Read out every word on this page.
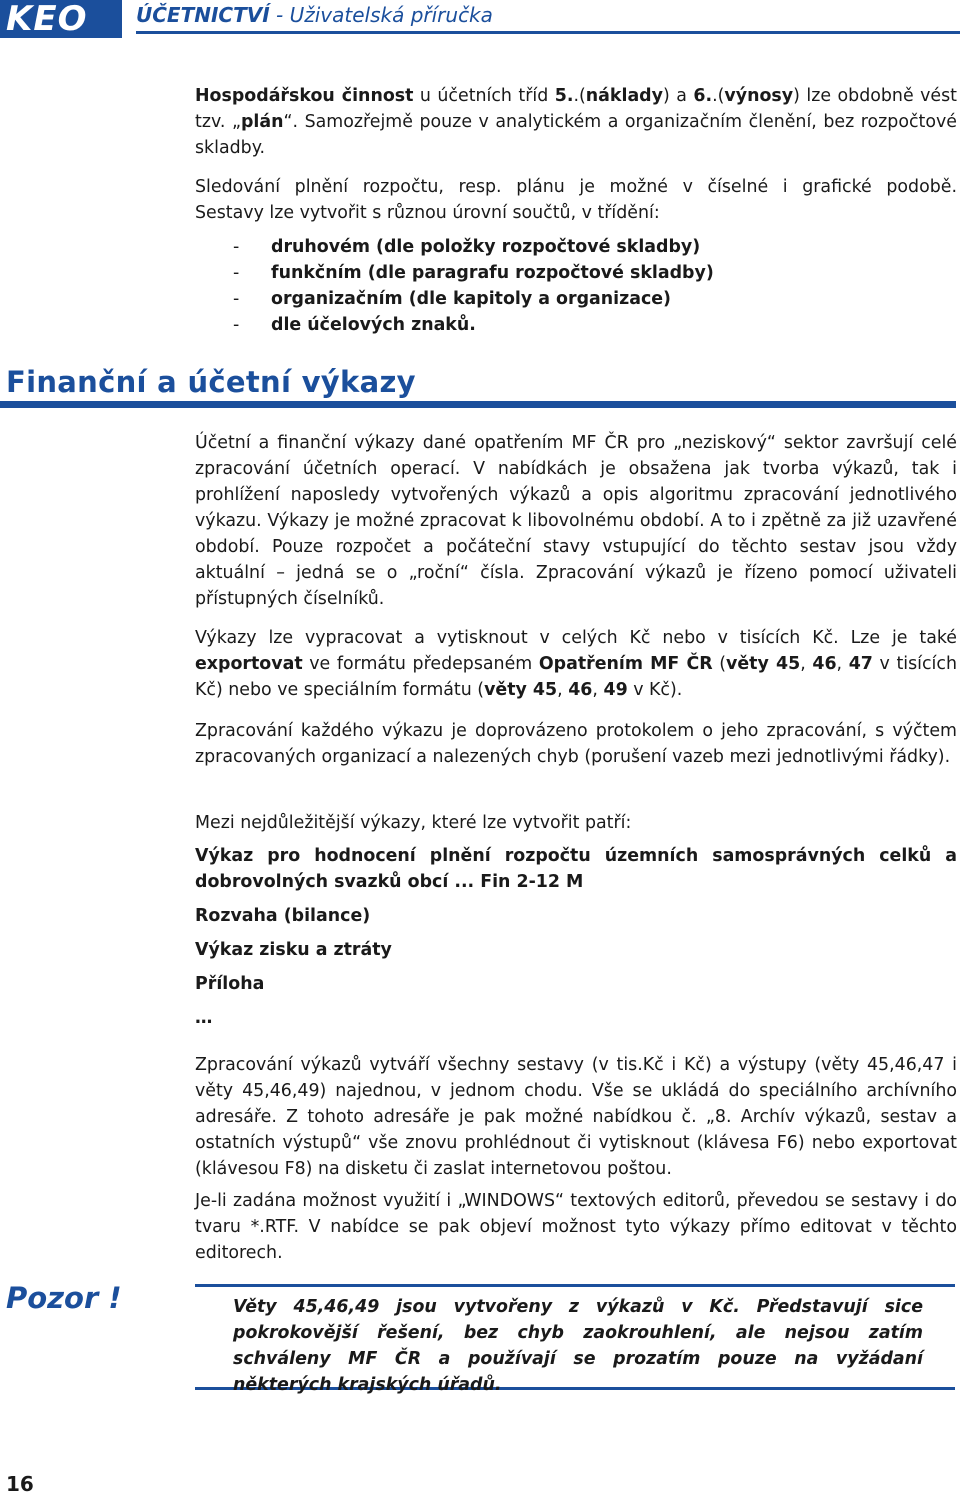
KEO ÚČETNICTVÍ - Uživatelská příručka

Hospodářskou činnost u účetních tříd 5..(náklady) a 6..(výnosy) lze obdobně vést tzv. „plán“. Samozřejmě pouze v analytickém a organizačním členění, bez rozpočtové skladby.

Sledování plnění rozpočtu, resp. plánu je možné v číselné i grafické podobě.
Sestavy lze vytvořit s různou úrovní součtů, v třídění:
-	druhovém (dle položky rozpočtové skladby)
-	funkčním (dle paragrafu rozpočtové skladby)
-	organizačním (dle kapitoly a organizace)
-	dle účelových znaků.
Finanční a účetní výkazy

Účetní a finanční výkazy dané opatřením MF ČR pro „neziskový“ sektor završují celé zpracování účetních operací. V nabídkách je obsažena jak tvorba výkazů, tak i prohlížení naposledy vytvořených výkazů a opis algoritmu zpracování jednotlivého výkazu. Výkazy je možné zpracovat k libovolnému období. A to i zpětně za již uzavřené období. Pouze rozpočet a počáteční stavy vstupující do těchto sestav jsou vždy aktuální – jedná se o „roční“ čísla. Zpracování výkazů je řízeno pomocí uživateli přístupných číselníků.

Výkazy lze vypracovat a vytisknout v celých Kč nebo v tisících Kč. Lze je také exportovat ve formátu předepsaném Opatřením MF ČR (věty 45, 46, 47 v tisících Kč) nebo ve speciálním formátu (věty 45, 46, 49 v Kč).

Zpracování každého výkazu je doprovázeno protokolem o jeho zpracování, s výčtem zpracovaných organizací a nalezených chyb (porušení vazeb mezi jednotlivými řádky).

Mezi nejdůležitější výkazy, které lze vytvořit patří:

Výkaz pro hodnocení plnění rozpočtu územních samosprávných celků a dobrovolných svazků obcí ... Fin 2-12 M
Rozvaha (bilance)
Výkaz zisku a ztráty
Příloha
…

Zpracování výkazů vytváří všechny sestavy (v tis.Kč i Kč) a výstupy (věty 45,46,47 i věty 45,46,49) najednou, v jednom chodu. Vše se ukládá do speciálního archívního adresáře. Z tohoto adresáře je pak možné nabídkou č. „8. Archív výkazů, sestav a ostatních výstupů“ vše znovu prohlédnout či vytisknout (klávesa F6) nebo exportovat (klávesou F8) na disketu či zaslat internetovou poštou.

Je-li zadána možnost využití i „WINDOWS“ textových editorů, převedou se sestavy i do tvaru *.RTF. V nabídce se pak objeví možnost tyto výkazy přímo editovat v těchto editorech.

Pozor !	Věty 45,46,49 jsou vytvořeny z výkazů v Kč. Představují sice pokrokovější řešení, bez chyb zaokrouhlení, ale nejsou zatím schváleny MF ČR a používají se prozatím pouze na vyžádaní některých krajských úřadů.

16
